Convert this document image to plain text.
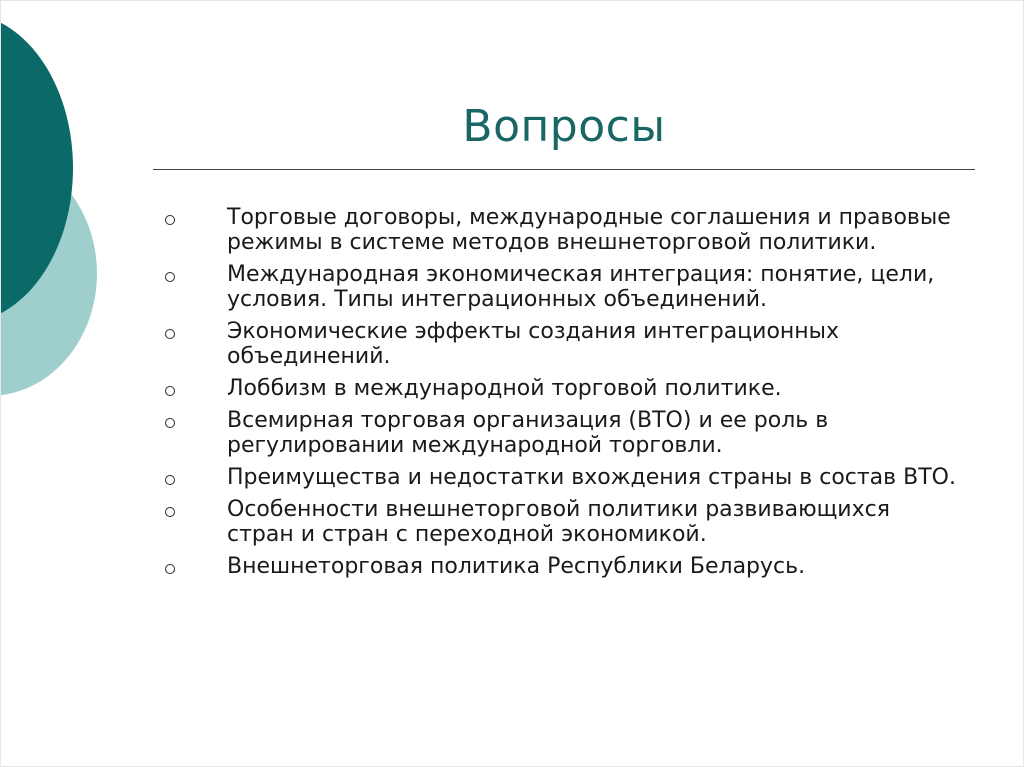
Вопросы
Торговые договоры, международные соглашения и правовые режимы в системе методов внешнеторговой политики.
Международная экономическая интеграция: понятие, цели, условия. Типы интеграционных объединений.
Экономические эффекты создания интеграционных объединений.
Лоббизм в международной торговой политике.
Всемирная торговая организация (ВТО) и ее роль в регулировании международной торговли.
Преимущества и недостатки вхождения страны в состав ВТО.
Особенности внешнеторговой политики развивающихся стран и стран с переходной экономикой.
Внешнеторговая политика Республики Беларусь.
